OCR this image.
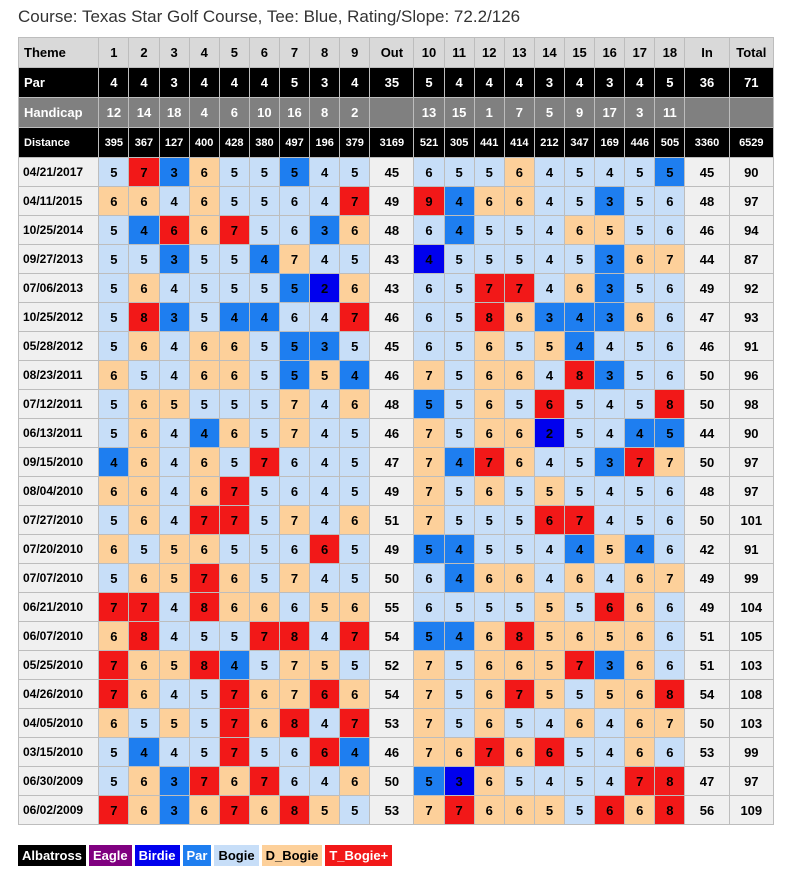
Course: Texas Star Golf Course, Tee: Blue, Rating/Slope: 72.2/126
Theme	1	2	3	4	5	6	7	8	9	Out	10	11	12	13	14	15	16	17	18	In	Total
Par	4	4	3	4	4	4	5	3	4	35	5	4	4	4	3	4	3	4	5	36	71
Handicap	12	14	18	4	6	10	16	8	2		13	15	1	7	5	9	17	3	11		
Distance	395	367	127	400	428	380	497	196	379	3169	521	305	441	414	212	347	169	446	505	3360	6529
04/21/2017	5	7	3	6	5	5	5	4	5	45	6	5	5	6	4	5	4	5	5	45	90
04/11/2015	6	6	4	6	5	5	6	4	7	49	9	4	6	6	4	5	3	5	6	48	97
10/25/2014	5	4	6	6	7	5	6	3	6	48	6	4	5	5	4	6	5	5	6	46	94
09/27/2013	5	5	3	5	5	4	7	4	5	43	4	5	5	5	4	5	3	6	7	44	87
07/06/2013	5	6	4	5	5	5	5	2	6	43	6	5	7	7	4	6	3	5	6	49	92
10/25/2012	5	8	3	5	4	4	6	4	7	46	6	5	8	6	3	4	3	6	6	47	93
05/28/2012	5	6	4	6	6	5	5	3	5	45	6	5	6	5	5	4	4	5	6	46	91
08/23/2011	6	5	4	6	6	5	5	5	4	46	7	5	6	6	4	8	3	5	6	50	96
07/12/2011	5	6	5	5	5	5	7	4	6	48	5	5	6	5	6	5	4	5	8	50	98
06/13/2011	5	6	4	4	6	5	7	4	5	46	7	5	6	6	2	5	4	4	5	44	90
09/15/2010	4	6	4	6	5	7	6	4	5	47	7	4	7	6	4	5	3	7	7	50	97
08/04/2010	6	6	4	6	7	5	6	4	5	49	7	5	6	5	5	5	4	5	6	48	97
07/27/2010	5	6	4	7	7	5	7	4	6	51	7	5	5	5	6	7	4	5	6	50	101
07/20/2010	6	5	5	6	5	5	6	6	5	49	5	4	5	5	4	4	5	4	6	42	91
07/07/2010	5	6	5	7	6	5	7	4	5	50	6	4	6	6	4	6	4	6	7	49	99
06/21/2010	7	7	4	8	6	6	6	5	6	55	6	5	5	5	5	5	6	6	6	49	104
06/07/2010	6	8	4	5	5	7	8	4	7	54	5	4	6	8	5	6	5	6	6	51	105
05/25/2010	7	6	5	8	4	5	7	5	5	52	7	5	6	6	5	7	3	6	6	51	103
04/26/2010	7	6	4	5	7	6	7	6	6	54	7	5	6	7	5	5	5	6	8	54	108
04/05/2010	6	5	5	5	7	6	8	4	7	53	7	5	6	5	4	6	4	6	7	50	103
03/15/2010	5	4	4	5	7	5	6	6	4	46	7	6	7	6	6	5	4	6	6	53	99
06/30/2009	5	6	3	7	6	7	6	4	6	50	5	3	6	5	4	5	4	7	8	47	97
06/02/2009	7	6	3	6	7	6	8	5	5	53	7	7	6	6	5	5	6	6	8	56	109
Albatross Eagle Birdie Par Bogie D_Bogie T_Bogie+
